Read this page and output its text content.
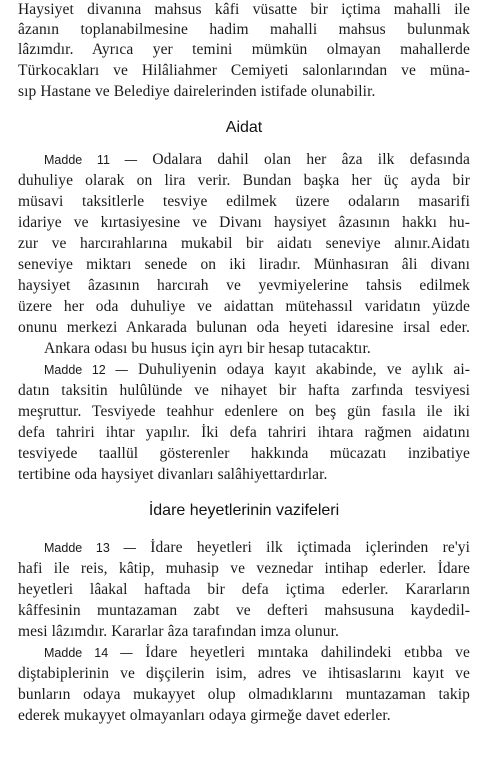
Haysiyet divanına mahsus kâfi vüsatte bir içtima mahalli ile
âzanın toplanabilmesine hadim mahalli mahsus bulunmak
lâzımdır. Ayrıca yer temini mümkün olmayan mahallerde
Türkocakları ve Hilâliahmer Cemiyeti salonlarından ve müna-
sıp Hastane ve Belediye dairelerinden istifade olunabilir.
Aidat
Madde 11 — Odalara dahil olan her âza ilk defasında
duhuliye olarak on lira verir. Bundan başka her üç ayda bir
müsavi taksitlerle tesviye edilmek üzere odaların masarifi
idariye ve kırtasiyesine ve Divanı haysiyet âzasının hakkı hu-
zur ve harcırahlarına mukabil bir aidatı seneviye alınır.Aidatı
seneviye miktarı senede on iki liradır. Münhasıran âli divanı
haysiyet âzasının harcırah ve yevmiyelerine tahsis edilmek
üzere her oda duhuliye ve aidattan mütehassıl varidatın yüzde
onunu merkezi Ankarada bulunan oda heyeti idaresine irsal eder.
Ankara odası bu husus için ayrı bir hesap tutacaktır.
Madde 12 — Duhuliyenin odaya kayıt akabinde, ve aylık ai-
datın taksitin hulûlünde ve nihayet bir hafta zarfında tesviyesi
meşruttur. Tesviyede teahhur edenlere on beş gün fasıla ile iki
defa tahriri ihtar yapılır. İki defa tahriri ihtara rağmen aidatını
tesviyede taallül gösterenler hakkında mücazatı inzibatiye
tertibine oda haysiyet divanları salâhiyettardırlar.
İdare heyetlerinin vazifeleri
Madde 13 — İdare heyetleri ilk içtimada içlerinden re'yi
hafi ile reis, kâtip, muhasip ve veznedar intihap ederler. İdare
heyetleri lâakal haftada bir defa içtima ederler. Kararların
kâffesinin muntazaman zabt ve defteri mahsusuna kaydedil-
mesi lâzımdır. Kararlar âza tarafından imza olunur.
Madde 14 — İdare heyetleri mıntaka dahilindeki etıbba ve
diştabiplerinin ve dişçilerin isim, adres ve ihtisaslarını kayıt ve
bunların odaya mukayyet olup olmadıklarını muntazaman takip
ederek mukayyet olmayanları odaya girmeğe davet ederler.
